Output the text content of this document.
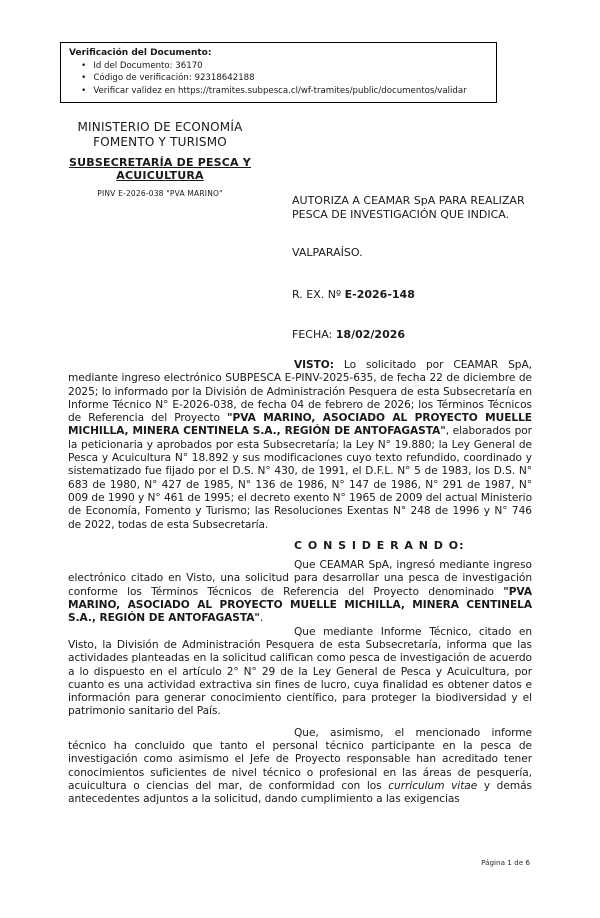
Verificación del Documento:
• Id del Documento: 36170
• Código de verificación: 92318642188
• Verificar validez en https://tramites.subpesca.cl/wf-tramites/public/documentos/validar
MINISTERIO DE ECONOMÍA
FOMENTO Y TURISMO
SUBSECRETARÍA DE PESCA Y ACUICULTURA
PINV E-2026-038 "PVA MARINO"
AUTORIZA A CEAMAR SpA PARA REALIZAR PESCA DE INVESTIGACIÓN QUE INDICA.
VALPARAÍSO.
R. EX. Nº E-2026-148
FECHA: 18/02/2026

VISTO: Lo solicitado por CEAMAR SpA, mediante ingreso electrónico SUBPESCA E-PINV-2025-635, de fecha 22 de diciembre de 2025; lo informado por la División de Administración Pesquera de esta Subsecretaría en Informe Técnico N° E-2026-038, de fecha 04 de febrero de 2026; los Términos Técnicos de Referencia del Proyecto "PVA MARINO, ASOCIADO AL PROYECTO MUELLE MICHILLA, MINERA CENTINELA S.A., REGIÓN DE ANTOFAGASTA", elaborados por la peticionaria y aprobados por esta Subsecretaría; la Ley N° 19.880; la Ley General de Pesca y Acuicultura N° 18.892 y sus modificaciones cuyo texto refundido, coordinado y sistematizado fue fijado por el D.S. N° 430, de 1991, el D.F.L. N° 5 de 1983, los D.S. N° 683 de 1980, N° 427 de 1985, N° 136 de 1986, N° 147 de 1986, N° 291 de 1987, N° 009 de 1990 y N° 461 de 1995; el decreto exento N° 1965 de 2009 del actual Ministerio de Economía, Fomento y Turismo; las Resoluciones Exentas N° 248 de 1996 y N° 746 de 2022, todas de esta Subsecretaría.

C O N S I D E R A N D O:

Que CEAMAR SpA, ingresó mediante ingreso electrónico citado en Visto, una solicitud para desarrollar una pesca de investigación conforme los Términos Técnicos de Referencia del Proyecto denominado "PVA MARINO, ASOCIADO AL PROYECTO MUELLE MICHILLA, MINERA CENTINELA S.A., REGIÓN DE ANTOFAGASTA".

Que mediante Informe Técnico, citado en Visto, la División de Administración Pesquera de esta Subsecretaría, informa que las actividades planteadas en la solicitud califican como pesca de investigación de acuerdo a lo dispuesto en el artículo 2° N° 29 de la Ley General de Pesca y Acuicultura, por cuanto es una actividad extractiva sin fines de lucro, cuya finalidad es obtener datos e información para generar conocimiento científico, para proteger la biodiversidad y el patrimonio sanitario del País.

Que, asimismo, el mencionado informe técnico ha concluido que tanto el personal técnico participante en la pesca de investigación como asimismo el Jefe de Proyecto responsable han acreditado tener conocimientos suficientes de nivel técnico o profesional en las áreas de pesquería, acuicultura o ciencias del mar, de conformidad con los curriculum vitae y demás antecedentes adjuntos a la solicitud, dando cumplimiento a las exigencias

Página 1 de 6
